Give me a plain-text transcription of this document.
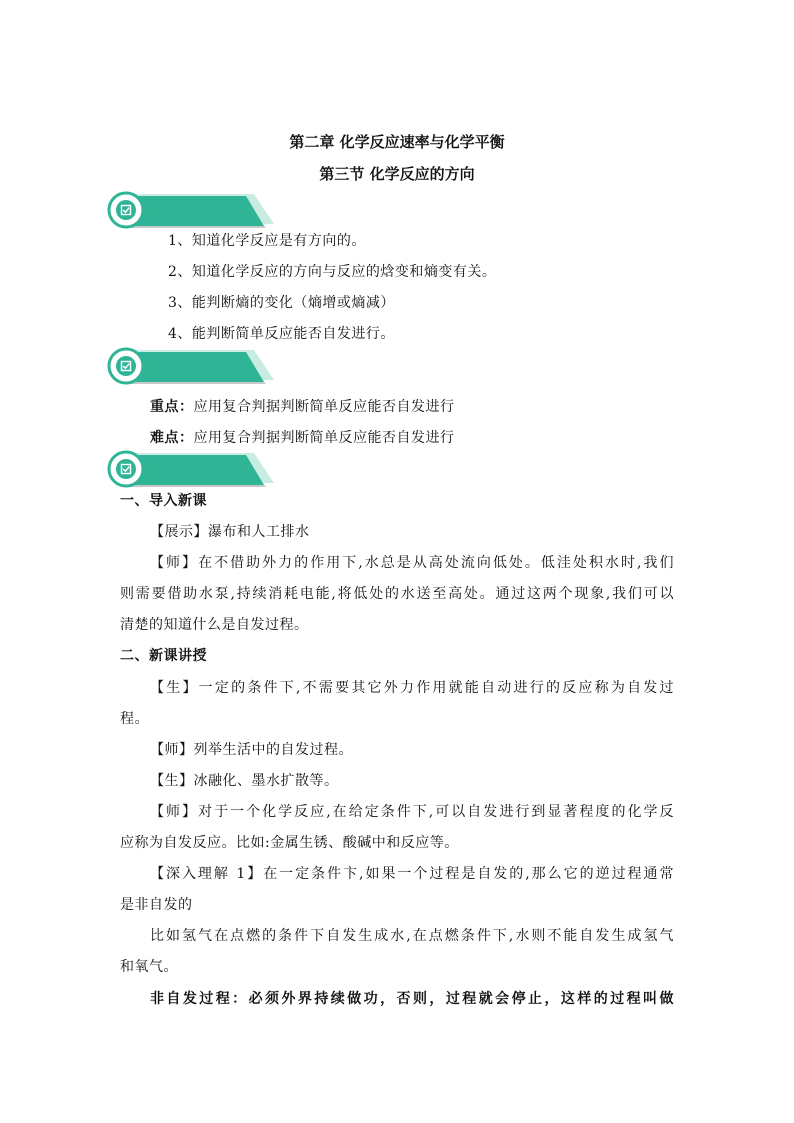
第二章 化学反应速率与化学平衡
第三节 化学反应的方向
1、知道化学反应是有方向的。
2、知道化学反应的方向与反应的焓变和熵变有关。
3、能判断熵的变化（熵增或熵减）
4、能判断简单反应能否自发进行。
重点：应用复合判据判断简单反应能否自发进行
难点：应用复合判据判断简单反应能否自发进行
一、导入新课
【展示】瀑布和人工排水
【师】在不借助外力的作用下,水总是从高处流向低处。低洼处积水时,我们
则需要借助水泵,持续消耗电能,将低处的水送至高处。通过这两个现象,我们可以
清楚的知道什么是自发过程。
二、新课讲授
【生】一定的条件下,不需要其它外力作用就能自动进行的反应称为自发过
程。
【师】列举生活中的自发过程。
【生】冰融化、墨水扩散等。
【师】对于一个化学反应,在给定条件下,可以自发进行到显著程度的化学反
应称为自发反应。比如:金属生锈、酸碱中和反应等。
【深入理解 1】在一定条件卞,如果一个过程是自发的,那么它的逆过程通常
是非自发的
比如氢气在点燃的条件下自发生成水,在点燃条件下,水则不能自发生成氢气
和氧气。
非自发过程：必须外界持续做功，否则，过程就会停止，这样的过程叫做
